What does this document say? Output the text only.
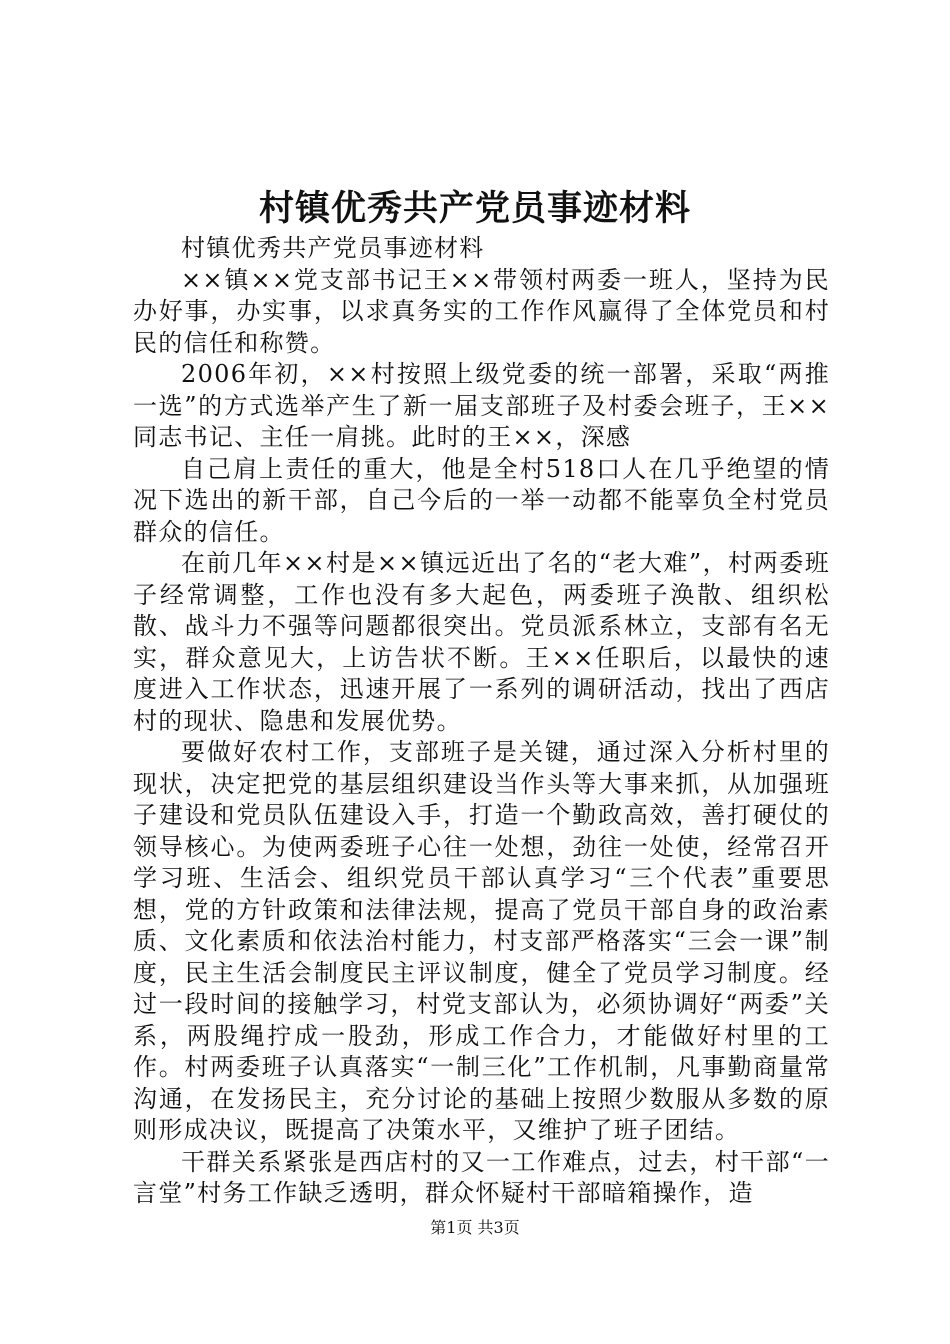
村镇优秀共产党员事迹材料

村镇优秀共产党员事迹材料

××镇××党支部书记王××带领村两委一班人，坚持为民办好事，办实事，以求真务实的工作作风赢得了全体党员和村民的信任和称赞。

2006年初，××村按照上级党委的统一部署，采取“两推一选”的方式选举产生了新一届支部班子及村委会班子，王××同志书记、主任一肩挑。此时的王××，深感

自己肩上责任的重大，他是全村518口人在几乎绝望的情况下选出的新干部，自己今后的一举一动都不能辜负全村党员群众的信任。

在前几年××村是××镇远近出了名的“老大难”，村两委班子经常调整，工作也没有多大起色，两委班子涣散、组织松散、战斗力不强等问题都很突出。党员派系林立，支部有名无实，群众意见大，上访告状不断。王××任职后，以最快的速度进入工作状态，迅速开展了一系列的调研活动，找出了西店村的现状、隐患和发展优势。

要做好农村工作，支部班子是关键，通过深入分析村里的现状，决定把党的基层组织建设当作头等大事来抓，从加强班子建设和党员队伍建设入手，打造一个勤政高效，善打硬仗的领导核心。为使两委班子心往一处想，劲往一处使，经常召开学习班、生活会、组织党员干部认真学习“三个代表”重要思想，党的方针政策和法律法规，提高了党员干部自身的政治素质、文化素质和依法治村能力，村支部严格落实“三会一课”制度，民主生活会制度民主评议制度，健全了党员学习制度。经过一段时间的接触学习，村党支部认为，必须协调好“两委”关系，两股绳拧成一股劲，形成工作合力，才能做好村里的工作。村两委班子认真落实“一制三化”工作机制，凡事勤商量常沟通，在发扬民主，充分讨论的基础上按照少数服从多数的原则形成决议，既提高了决策水平，又维护了班子团结。

干群关系紧张是西店村的又一工作难点，过去，村干部“一言堂”村务工作缺乏透明，群众怀疑村干部暗箱操作，造

第1页 共3页
